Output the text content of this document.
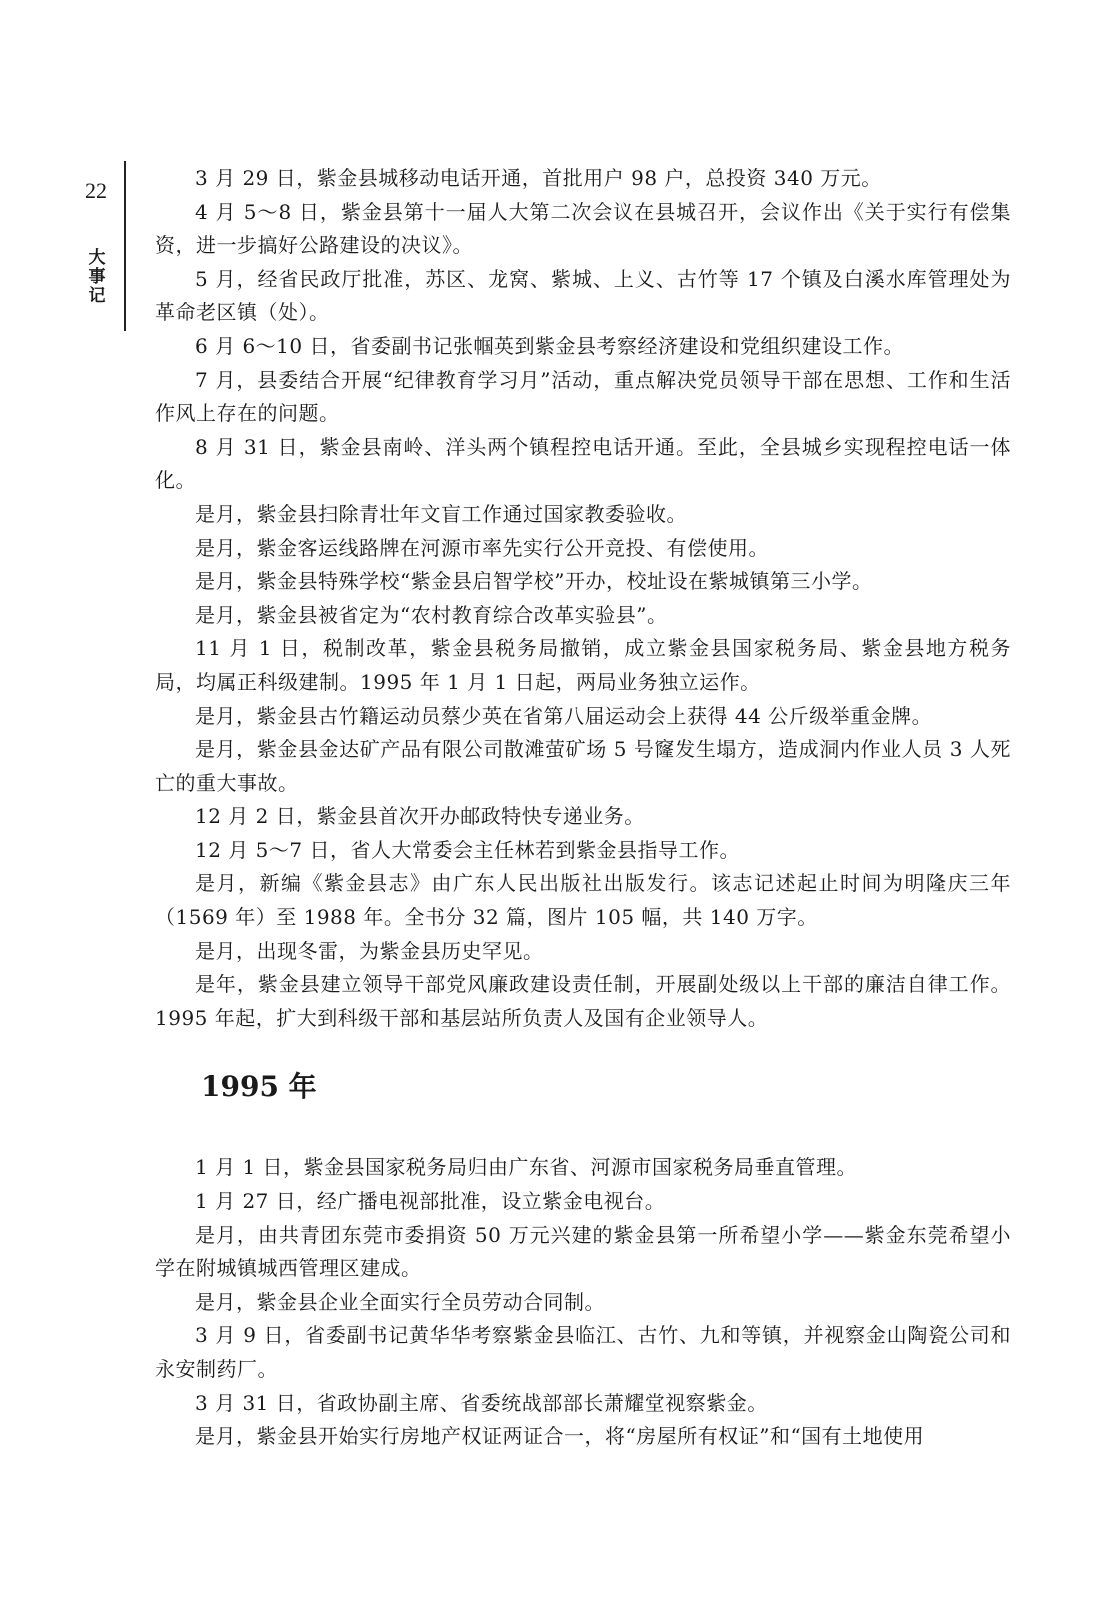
22
大事记

3 月 29 日，紫金县城移动电话开通，首批用户 98 户，总投资 340 万元。

4 月 5～8 日，紫金县第十一届人大第二次会议在县城召开，会议作出《关于实行有偿集资，进一步搞好公路建设的决议》。

5 月，经省民政厅批准，苏区、龙窝、紫城、上义、古竹等 17 个镇及白溪水库管理处为革命老区镇（处）。

6 月 6～10 日，省委副书记张帼英到紫金县考察经济建设和党组织建设工作。

7 月，县委结合开展“纪律教育学习月”活动，重点解决党员领导干部在思想、工作和生活作风上存在的问题。

8 月 31 日，紫金县南岭、洋头两个镇程控电话开通。至此，全县城乡实现程控电话一体化。

是月，紫金县扫除青壮年文盲工作通过国家教委验收。

是月，紫金客运线路牌在河源市率先实行公开竞投、有偿使用。

是月，紫金县特殊学校“紫金县启智学校”开办，校址设在紫城镇第三小学。

是月，紫金县被省定为“农村教育综合改革实验县”。

11 月 1 日，税制改革，紫金县税务局撤销，成立紫金县国家税务局、紫金县地方税务局，均属正科级建制。1995 年 1 月 1 日起，两局业务独立运作。

是月，紫金县古竹籍运动员蔡少英在省第八届运动会上获得 44 公斤级举重金牌。

是月，紫金县金达矿产品有限公司散滩萤矿场 5 号窿发生塌方，造成洞内作业人员 3 人死亡的重大事故。

12 月 2 日，紫金县首次开办邮政特快专递业务。

12 月 5～7 日，省人大常委会主任林若到紫金县指导工作。

是月，新编《紫金县志》由广东人民出版社出版发行。该志记述起止时间为明隆庆三年（1569 年）至 1988 年。全书分 32 篇，图片 105 幅，共 140 万字。

是月，出现冬雷，为紫金县历史罕见。

是年，紫金县建立领导干部党风廉政建设责任制，开展副处级以上干部的廉洁自律工作。1995 年起，扩大到科级干部和基层站所负责人及国有企业领导人。

1995 年

1 月 1 日，紫金县国家税务局归由广东省、河源市国家税务局垂直管理。

1 月 27 日，经广播电视部批准，设立紫金电视台。

是月，由共青团东莞市委捐资 50 万元兴建的紫金县第一所希望小学——紫金东莞希望小学在附城镇城西管理区建成。

是月，紫金县企业全面实行全员劳动合同制。

3 月 9 日，省委副书记黄华华考察紫金县临江、古竹、九和等镇，并视察金山陶瓷公司和永安制药厂。

3 月 31 日，省政协副主席、省委统战部部长萧耀堂视察紫金。

是月，紫金县开始实行房地产权证两证合一，将“房屋所有权证”和“国有土地使用
